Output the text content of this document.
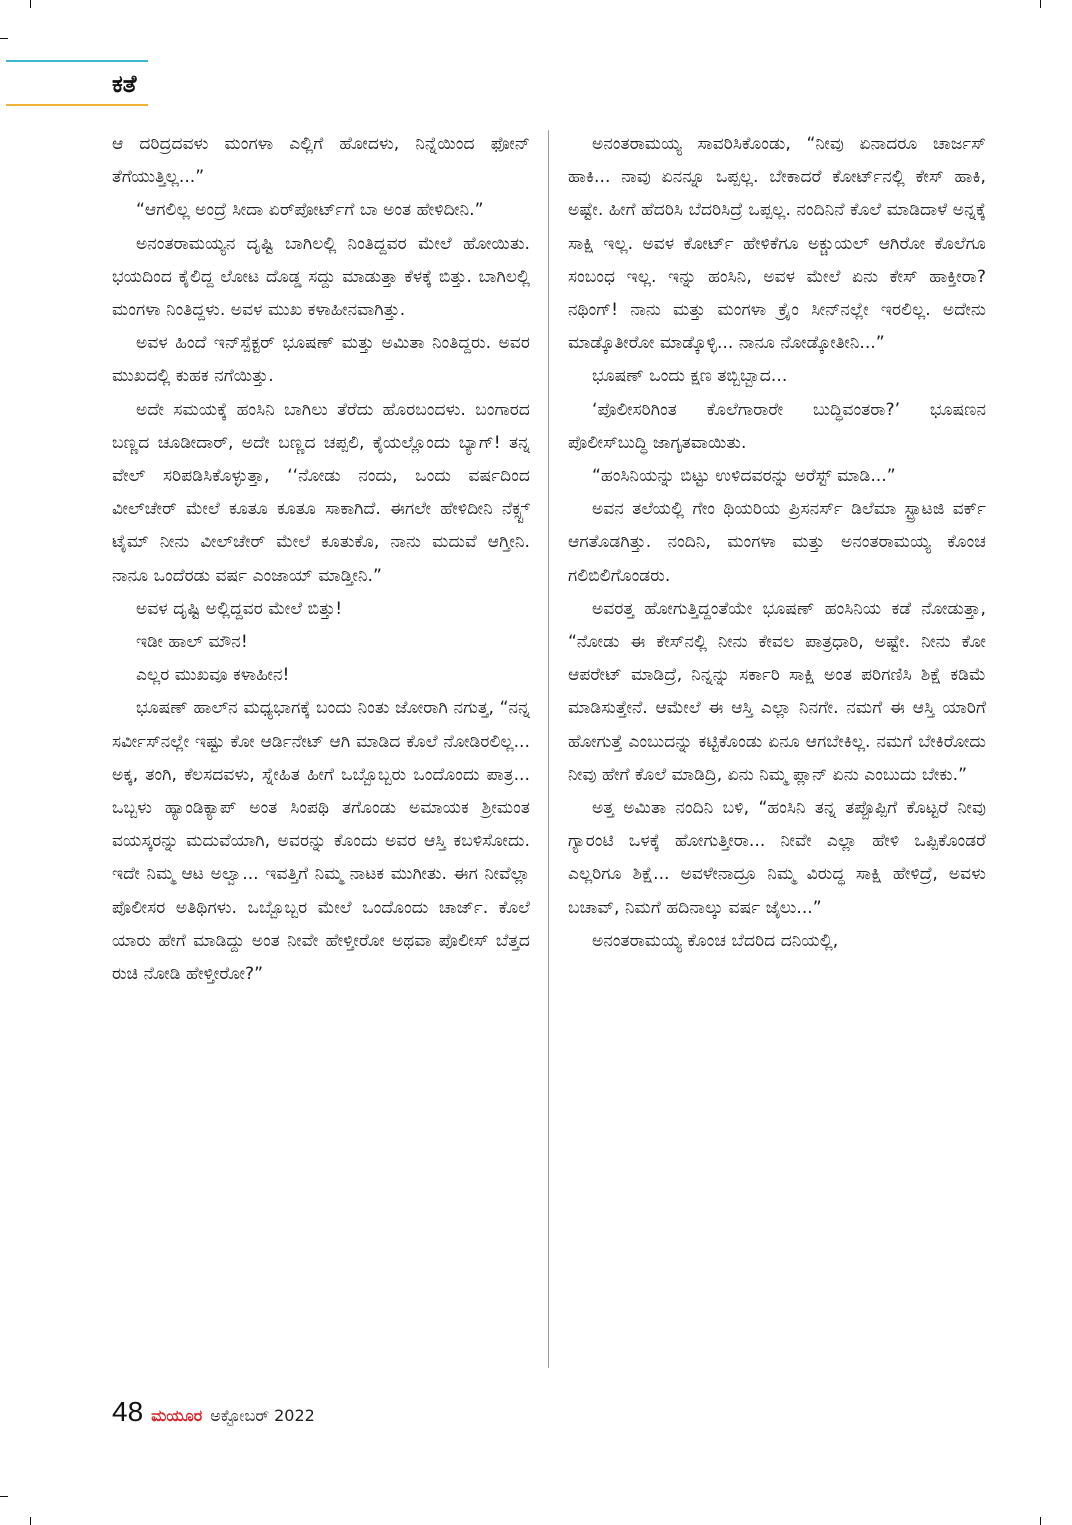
ಕತೆ

ಆ ದರಿದ್ರದವಳು ಮಂಗಳಾ ಎಲ್ಲಿಗೆ ಹೋದಳು, ನಿನ್ನೆಯಿಂದ ಫೋನ್ ತೆಗೆಯುತ್ತಿಲ್ಲ...”

“ಆಗಲಿಲ್ಲ ಅಂದ್ರೆ ಸೀದಾ ಏರ್‌ಪೋರ್ಟ್‌ಗೆ ಬಾ ಅಂತ ಹೇಳಿದೀನಿ.”

ಅನಂತರಾಮಯ್ಯನ ದೃಷ್ಟಿ ಬಾಗಿಲಲ್ಲಿ ನಿಂತಿದ್ದವರ ಮೇಲೆ ಹೋಯಿತು. ಭಯದಿಂದ ಕೈಲಿದ್ದ ಲೋಟ ದೊಡ್ಡ ಸದ್ದು ಮಾಡುತ್ತಾ ಕೆಳಕ್ಕೆ ಬಿತ್ತು. ಬಾಗಿಲಲ್ಲಿ ಮಂಗಳಾ ನಿಂತಿದ್ದಳು. ಅವಳ ಮುಖ ಕಳಾಹೀನವಾಗಿತ್ತು.

ಅವಳ ಹಿಂದೆ ಇನ್‌ಸ್ಪೆಕ್ಟರ್ ಭೂಷಣ್ ಮತ್ತು ಅಮಿತಾ ನಿಂತಿದ್ದರು. ಅವರ ಮುಖದಲ್ಲಿ ಕುಹಕ ನಗೆಯಿತ್ತು.

ಅದೇ ಸಮಯಕ್ಕೆ ಹಂಸಿನಿ ಬಾಗಿಲು ತೆರೆದು ಹೊರಬಂದಳು. ಬಂಗಾರದ ಬಣ್ಣದ ಚೂಡೀದಾರ್, ಅದೇ ಬಣ್ಣದ ಚಪ್ಪಲಿ, ಕೈಯಲ್ಲೊಂದು ಬ್ಯಾಗ್! ತನ್ನ ವೇಲ್ ಸರಿಪಡಿಸಿಕೊಳ್ಳುತ್ತಾ, ‘‘ನೋಡು ನಂದು, ಒಂದು ವರ್ಷದಿಂದ ವೀಲ್‌ಚೇರ್ ಮೇಲೆ ಕೂತೂ ಕೂತೂ ಸಾಕಾಗಿದೆ. ಈಗಲೇ ಹೇಳಿದೀನಿ ನೆಕ್ಸ್ಟ್ ಟೈಮ್ ನೀನು ವೀಲ್‌ಚೇರ್ ಮೇಲೆ ಕೂತುಕೊ, ನಾನು ಮದುವೆ ಆಗ್ತೀನಿ. ನಾನೂ ಒಂದೆರಡು ವರ್ಷ ಎಂಜಾಯ್ ಮಾಡ್ತೀನಿ.”

ಅವಳ ದೃಷ್ಟಿ ಅಲ್ಲಿದ್ದವರ ಮೇಲೆ ಬಿತ್ತು!

ಇಡೀ ಹಾಲ್ ಮೌನ!

ಎಲ್ಲರ ಮುಖವೂ ಕಳಾಹೀನ!

ಭೂಷಣ್ ಹಾಲ್‌ನ ಮಧ್ಯಭಾಗಕ್ಕೆ ಬಂದು ನಿಂತು ಜೋರಾಗಿ ನಗುತ್ತ, “ನನ್ನ ಸರ್ವೀಸ್‌ನಲ್ಲೇ ಇಷ್ಟು ಕೋ ಆರ್ಡಿನೇಟ್ ಆಗಿ ಮಾಡಿದ ಕೊಲೆ ನೋಡಿರಲಿಲ್ಲ... ಅಕ್ಕ, ತಂಗಿ, ಕೆಲಸದವಳು, ಸ್ನೇಹಿತ ಹೀಗೆ ಒಬ್ಬೊಬ್ಬರು ಒಂದೊಂದು ಪಾತ್ರ... ಒಬ್ಬಳು ಹ್ಯಾಂಡಿಕ್ಯಾಪ್ ಅಂತ ಸಿಂಪಥಿ ತಗೊಂಡು ಅಮಾಯಕ ಶ್ರೀಮಂತ ವಯಸ್ಕರನ್ನು ಮದುವೆಯಾಗಿ, ಅವರನ್ನು ಕೊಂದು ಅವರ ಆಸ್ತಿ ಕಬಳಿಸೋದು. ಇದೇ ನಿಮ್ಮ ಆಟ ಅಲ್ವಾ... ಇವತ್ತಿಗೆ ನಿಮ್ಮ ನಾಟಕ ಮುಗೀತು. ಈಗ ನೀವೆಲ್ಲಾ ಪೊಲೀಸರ ಅತಿಥಿಗಳು. ಒಬ್ಬೊಬ್ಬರ ಮೇಲೆ ಒಂದೊಂದು ಚಾರ್ಜ್. ಕೊಲೆ ಯಾರು ಹೇಗೆ ಮಾಡಿದ್ದು ಅಂತ ನೀವೇ ಹೇಳ್ತೀರೋ ಅಥವಾ ಪೊಲೀಸ್ ಬೆತ್ತದ ರುಚಿ ನೋಡಿ ಹೇಳ್ತೀರೋ?”

ಅನಂತರಾಮಯ್ಯ ಸಾವರಿಸಿಕೊಂಡು, “ನೀವು ಏನಾದರೂ ಚಾರ್ಜಸ್ ಹಾಕಿ... ನಾವು ಏನನ್ನೂ ಒಪ್ಪಲ್ಲ. ಬೇಕಾದರೆ ಕೋರ್ಟ್‌ನಲ್ಲಿ ಕೇಸ್ ಹಾಕಿ, ಅಷ್ಟೇ. ಹೀಗೆ ಹೆದರಿಸಿ ಬೆದರಿಸಿದ್ರೆ ಒಪ್ಪಲ್ಲ. ನಂದಿನಿನೆ ಕೊಲೆ ಮಾಡಿದಾಳೆ ಅನ್ನಕ್ಕೆ ಸಾಕ್ಷಿ ಇಲ್ಲ. ಅವಳ ಕೋರ್ಟ್ ಹೇಳಿಕೆಗೂ ಅಕ್ಚುಯಲ್ ಆಗಿರೋ ಕೊಲೆಗೂ ಸಂಬಂಧ ಇಲ್ಲ. ಇನ್ನು ಹಂಸಿನಿ, ಅವಳ ಮೇಲೆ ಏನು ಕೇಸ್ ಹಾಕ್ತೀರಾ? ನಥಿಂಗ್! ನಾನು ಮತ್ತು ಮಂಗಳಾ ಕ್ರೈಂ ಸೀನ್‌ನಲ್ಲೇ ಇರಲಿಲ್ಲ. ಅದೇನು ಮಾಡ್ಕೊತೀರೋ ಮಾಡ್ಕೊಳ್ಳಿ... ನಾನೂ ನೋಡ್ಕೋತೀನಿ...”

ಭೂಷಣ್ ಒಂದು ಕ್ಷಣ ತಬ್ಬಿಬ್ಬಾದ...

‘ಪೊಲೀಸರಿಗಿಂತ ಕೊಲೆಗಾರಾರೇ ಬುದ್ಧಿವಂತರಾ?’ ಭೂಷಣನ ಪೊಲೀಸ್‌ಬುದ್ಧಿ ಜಾಗೃತವಾಯಿತು.

“ಹಂಸಿನಿಯನ್ನು ಬಿಟ್ಟು ಉಳಿದವರನ್ನು ಅರೆಸ್ಟ್ ಮಾಡಿ...”

ಅವನ ತಲೆಯಲ್ಲಿ ಗೇಂ ಥಿಯರಿಯ ಪ್ರಿಸನರ್ಸ್ ಡಿಲೆಮಾ ಸ್ಟ್ರಾಟಜಿ ವರ್ಕ್ ಆಗತೊಡಗಿತ್ತು. ನಂದಿನಿ, ಮಂಗಳಾ ಮತ್ತು ಅನಂತರಾಮಯ್ಯ ಕೊಂಚ ಗಲಿಬಿಲಿಗೊಂಡರು.

ಅವರತ್ತ ಹೋಗುತ್ತಿದ್ದಂತೆಯೇ ಭೂಷಣ್ ಹಂಸಿನಿಯ ಕಡೆ ನೋಡುತ್ತಾ, “ನೋಡು ಈ ಕೇಸ್‌ನಲ್ಲಿ ನೀನು ಕೇವಲ ಪಾತ್ರಧಾರಿ, ಅಷ್ಟೇ. ನೀನು ಕೋ ಆಪರೇಟ್ ಮಾಡಿದ್ರೆ, ನಿನ್ನನ್ನು ಸರ್ಕಾರಿ ಸಾಕ್ಷಿ ಅಂತ ಪರಿಗಣಿಸಿ ಶಿಕ್ಷೆ ಕಡಿಮೆ ಮಾಡಿಸುತ್ತೇನೆ. ಆಮೇಲೆ ಈ ಆಸ್ತಿ ಎಲ್ಲಾ ನಿನಗೇ. ನಮಗೆ ಈ ಆಸ್ತಿ ಯಾರಿಗೆ ಹೋಗುತ್ತೆ ಎಂಬುದನ್ನು ಕಟ್ಟಿಕೊಂಡು ಏನೂ ಆಗಬೇಕಿಲ್ಲ. ನಮಗೆ ಬೇಕಿರೋದು ನೀವು ಹೇಗೆ ಕೊಲೆ ಮಾಡಿದ್ರಿ, ಏನು ನಿಮ್ಮ ಪ್ಲಾನ್ ಏನು ಎಂಬುದು ಬೇಕು.”

ಅತ್ತ ಅಮಿತಾ ನಂದಿನಿ ಬಳಿ, “ಹಂಸಿನಿ ತನ್ನ ತಪ್ಪೊಪ್ಪಿಗೆ ಕೊಟ್ಟರೆ ನೀವು ಗ್ಯಾರಂಟಿ ಒಳಕ್ಕೆ ಹೋಗುತ್ತೀರಾ... ನೀವೇ ಎಲ್ಲಾ ಹೇಳಿ ಒಪ್ಪಿಕೊಂಡರೆ ಎಲ್ಲರಿಗೂ ಶಿಕ್ಷೆ... ಅವಳೇನಾದ್ರೂ ನಿಮ್ಮ ವಿರುದ್ಧ ಸಾಕ್ಷಿ ಹೇಳಿದ್ರೆ, ಅವಳು ಬಚಾವ್, ನಿಮಗೆ ಹದಿನಾಲ್ಕು ವರ್ಷ ಜೈಲು...”

ಅನಂತರಾಮಯ್ಯ ಕೊಂಚ ಬೆದರಿದ ದನಿಯಲ್ಲಿ,

48 ಮಯೂರ ಅಕ್ಟೋಬರ್ 2022
